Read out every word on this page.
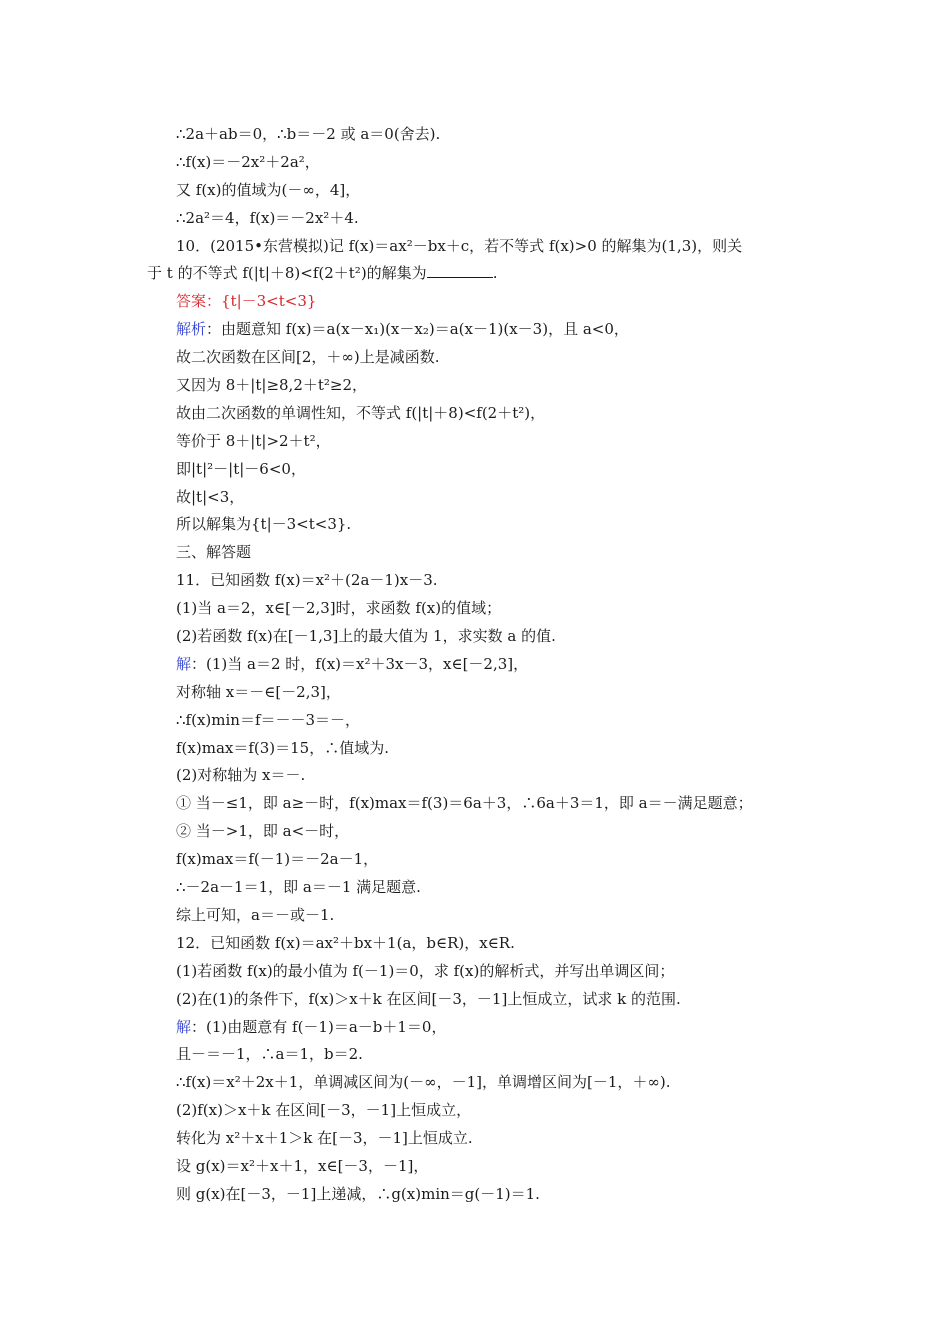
∴2a＋ab＝0，∴b＝－2 或 a＝0(舍去).
∴f(x)＝－2x²＋2a²，
又 f(x)的值域为(－∞，4]，
∴2a²＝4，f(x)＝－2x²＋4.
10．(2015•东营模拟)记 f(x)＝ax²－bx＋c，若不等式 f(x)>0 的解集为(1,3)，则关
于 t 的不等式 f(|t|＋8)<f(2＋t²)的解集为	.
答案：{t|－3<t<3}
解析：由题意知 f(x)＝a(x－x₁)(x－x₂)＝a(x－1)(x－3)，且 a<0，
故二次函数在区间[2，＋∞)上是减函数.
又因为 8＋|t|≥8,2＋t²≥2，
故由二次函数的单调性知，不等式 f(|t|＋8)<f(2＋t²)，
等价于 8＋|t|>2＋t²，
即|t|²－|t|－6<0，
故|t|<3，
所以解集为{t|－3<t<3}.
三、解答题
11．已知函数 f(x)＝x²＋(2a－1)x－3.
(1)当 a＝2，x∈[－2,3]时，求函数 f(x)的值域；
(2)若函数 f(x)在[－1,3]上的最大值为 1，求实数 a 的值.
解：(1)当 a＝2 时，f(x)＝x²＋3x－3，x∈[－2,3]，
对称轴 x＝－∈[－2,3]，
∴f(x)min＝f＝－－3＝－，
f(x)max＝f(3)＝15，∴值域为.
(2)对称轴为 x＝－.
① 当－≤1，即 a≥－时，f(x)max＝f(3)＝6a＋3，∴6a＋3＝1，即 a＝－满足题意；
② 当－>1，即 a<－时，
f(x)max＝f(－1)＝－2a－1，
∴－2a－1＝1，即 a＝－1 满足题意.
综上可知，a＝－或－1.
12．已知函数 f(x)＝ax²＋bx＋1(a，b∈R)，x∈R.
(1)若函数 f(x)的最小值为 f(－1)＝0，求 f(x)的解析式，并写出单调区间；
(2)在(1)的条件下，f(x)＞x＋k 在区间[－3，－1]上恒成立，试求 k 的范围.
解：(1)由题意有 f(－1)＝a－b＋1＝0，
且－＝－1，∴a＝1，b＝2.
∴f(x)＝x²＋2x＋1，单调减区间为(－∞，－1]，单调增区间为[－1，＋∞).
(2)f(x)＞x＋k 在区间[－3，－1]上恒成立，
转化为 x²＋x＋1＞k 在[－3，－1]上恒成立.
设 g(x)＝x²＋x＋1，x∈[－3，－1]，
则 g(x)在[－3，－1]上递减，∴g(x)min＝g(－1)＝1.
